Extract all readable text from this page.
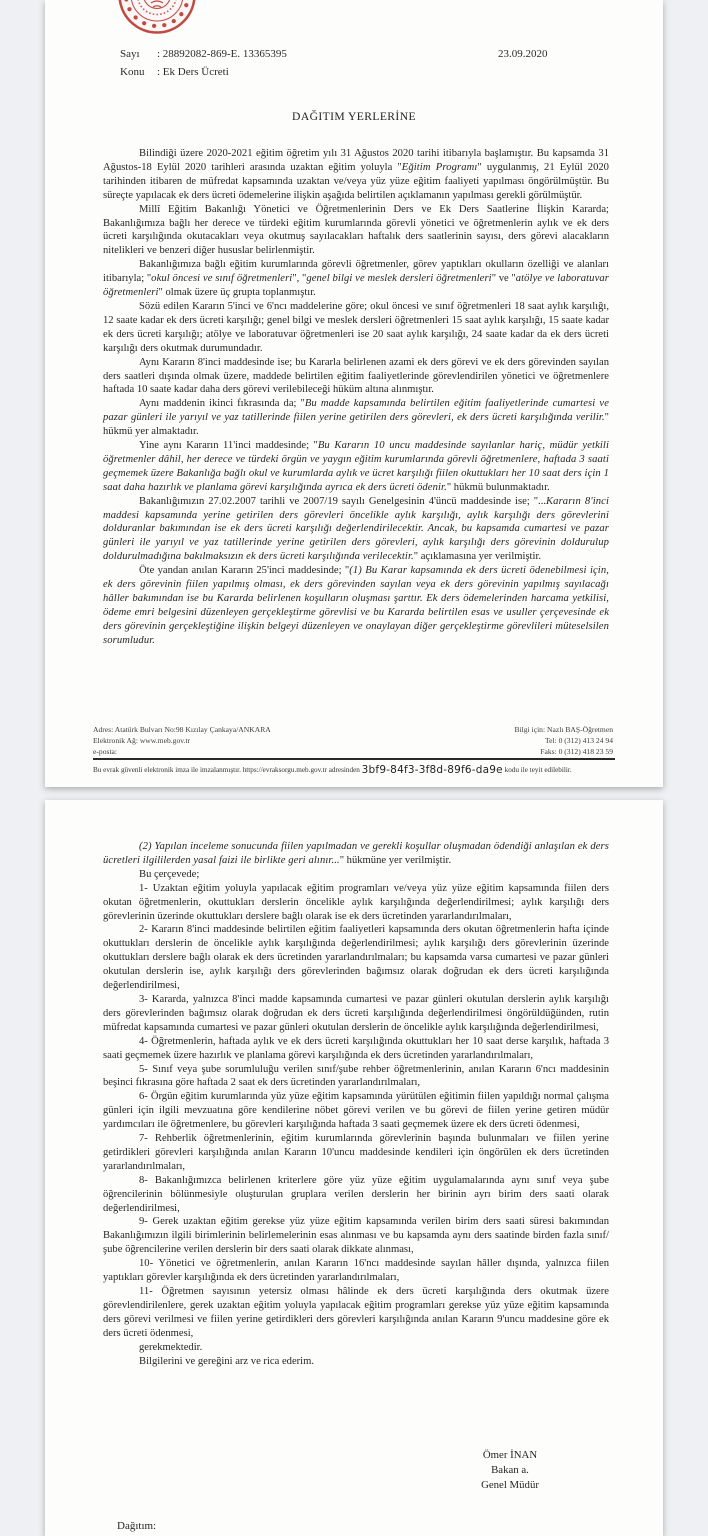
Sayı : 28892082-869-E. 13365395
Konu : Ek Ders Ücreti
23.09.2020
DAĞITIM YERLERİNE

Bilindiği üzere 2020-2021 eğitim öğretim yılı 31 Ağustos 2020 tarihi itibarıyla başlamıştır. Bu kapsamda 31 Ağustos-18 Eylül 2020 tarihleri arasında uzaktan eğitim yoluyla "Eğitim Programı" uygulanmış, 21 Eylül 2020 tarihinden itibaren de müfredat kapsamında uzaktan ve/veya yüz yüze eğitim faaliyeti yapılması öngörülmüştür. Bu süreçte yapılacak ek ders ücreti ödemelerine ilişkin aşağıda belirtilen açıklamanın yapılması gerekli görülmüştür.

Millî Eğitim Bakanlığı Yönetici ve Öğretmenlerinin Ders ve Ek Ders Saatlerine İlişkin Kararda; Bakanlığımıza bağlı her derece ve türdeki eğitim kurumlarında görevli yönetici ve öğretmenlerin aylık ve ek ders ücreti karşılığında okutacakları veya okutmuş sayılacakları haftalık ders saatlerinin sayısı, ders görevi alacakların nitelikleri ve benzeri diğer hususlar belirlenmiştir.

Bakanlığımıza bağlı eğitim kurumlarında görevli öğretmenler, görev yaptıkları okulların özelliği ve alanları itibarıyla; "okul öncesi ve sınıf öğretmenleri", "genel bilgi ve meslek dersleri öğretmenleri" ve "atölye ve laboratuvar öğretmenleri" olmak üzere üç grupta toplanmıştır.

Sözü edilen Kararın 5'inci ve 6'ncı maddelerine göre; okul öncesi ve sınıf öğretmenleri 18 saat aylık karşılığı, 12 saate kadar ek ders ücreti karşılığı; genel bilgi ve meslek dersleri öğretmenleri 15 saat aylık karşılığı, 15 saate kadar ek ders ücreti karşılığı; atölye ve laboratuvar öğretmenleri ise 20 saat aylık karşılığı, 24 saate kadar da ek ders ücreti karşılığı ders okutmak durumundadır.

Aynı Kararın 8'inci maddesinde ise; bu Kararla belirlenen azami ek ders görevi ve ek ders görevinden sayılan ders saatleri dışında olmak üzere, maddede belirtilen eğitim faaliyetlerinde görevlendirilen yönetici ve öğretmenlere haftada 10 saate kadar daha ders görevi verilebileceği hüküm altına alınmıştır.

Aynı maddenin ikinci fıkrasında da; "Bu madde kapsamında belirtilen eğitim faaliyetlerinde cumartesi ve pazar günleri ile yarıyıl ve yaz tatillerinde fiilen yerine getirilen ders görevleri, ek ders ücreti karşılığında verilir." hükmü yer almaktadır.

Yine aynı Kararın 11'inci maddesinde; "Bu Kararın 10 uncu maddesinde sayılanlar hariç, müdür yetkili öğretmenler dâhil, her derece ve türdeki örgün ve yaygın eğitim kurumlarında görevli öğretmenlere, haftada 3 saati geçmemek üzere Bakanlığa bağlı okul ve kurumlarda aylık ve ücret karşılığı fiilen okuttukları her 10 saat ders için 1 saat daha hazırlık ve planlama görevi karşılığında ayrıca ek ders ücreti ödenir." hükmü bulunmaktadır.

Bakanlığımızın 27.02.2007 tarihli ve 2007/19 sayılı Genelgesinin 4'üncü maddesinde ise; "...Kararın 8'inci maddesi kapsamında yerine getirilen ders görevleri öncelikle aylık karşılığı, aylık karşılığı ders görevlerini dolduranlar bakımından ise ek ders ücreti karşılığı değerlendirilecektir. Ancak, bu kapsamda cumartesi ve pazar günleri ile yarıyıl ve yaz tatillerinde yerine getirilen ders görevleri, aylık karşılığı ders görevinin doldurulup doldurulmadığına bakılmaksızın ek ders ücreti karşılığında verilecektir." açıklamasına yer verilmiştir.

Öte yandan anılan Kararın 25'inci maddesinde; "(1) Bu Karar kapsamında ek ders ücreti ödenebilmesi için, ek ders görevinin fiilen yapılmış olması, ek ders görevinden sayılan veya ek ders görevinin yapılmış sayılacağı hâller bakımından ise bu Kararda belirlenen koşulların oluşması şarttır. Ek ders ödemelerinden harcama yetkilisi, ödeme emri belgesini düzenleyen gerçekleştirme görevlisi ve bu Kararda belirtilen esas ve usuller çerçevesinde ek ders görevinin gerçekleştiğine ilişkin belgeyi düzenleyen ve onaylayan diğer gerçekleştirme görevlileri müteselsilen sorumludur.

Adres: Atatürk Bulvarı No:98 Kızılay Çankaya/ANKARA
Elektronik Ağ: www.meb.gov.tr
e-posta:
Bilgi için: Nazlı BAŞ-Öğretmen
Tel: 0 (312) 413 24 94
Faks: 0 (312) 418 23 59
Bu evrak güvenli elektronik imza ile imzalanmıştır. https://evraksorgu.meb.gov.tr adresinden 3bf9-84f3-3f8d-89f6-da9e kodu ile teyit edilebilir.

(2) Yapılan inceleme sonucunda fiilen yapılmadan ve gerekli koşullar oluşmadan ödendiği anlaşılan ek ders ücretleri ilgililerden yasal faizi ile birlikte geri alınır..." hükmüne yer verilmiştir.

Bu çerçevede;

1- Uzaktan eğitim yoluyla yapılacak eğitim programları ve/veya yüz yüze eğitim kapsamında fiilen ders okutan öğretmenlerin, okuttukları derslerin öncelikle aylık karşılığında değerlendirilmesi; aylık karşılığı ders görevlerinin üzerinde okuttukları derslere bağlı olarak ise ek ders ücretinden yararlandırılmaları,

2- Kararın 8'inci maddesinde belirtilen eğitim faaliyetleri kapsamında ders okutan öğretmenlerin hafta içinde okuttukları derslerin de öncelikle aylık karşılığında değerlendirilmesi; aylık karşılığı ders görevlerinin üzerinde okuttukları derslere bağlı olarak ek ders ücretinden yararlandırılmaları; bu kapsamda varsa cumartesi ve pazar günleri okutulan derslerin ise, aylık karşılığı ders görevlerinden bağımsız olarak doğrudan ek ders ücreti karşılığında değerlendirilmesi,

3- Kararda, yalnızca 8'inci madde kapsamında cumartesi ve pazar günleri okutulan derslerin aylık karşılığı ders görevlerinden bağımsız olarak doğrudan ek ders ücreti karşılığında değerlendirilmesi öngörüldüğünden, rutin müfredat kapsamında cumartesi ve pazar günleri okutulan derslerin de öncelikle aylık karşılığında değerlendirilmesi,

4- Öğretmenlerin, haftada aylık ve ek ders ücreti karşılığında okuttukları her 10 saat derse karşılık, haftada 3 saati geçmemek üzere hazırlık ve planlama görevi karşılığında ek ders ücretinden yararlandırılmaları,

5- Sınıf veya şube sorumluluğu verilen sınıf/şube rehber öğretmenlerinin, anılan Kararın 6'ncı maddesinin beşinci fıkrasına göre haftada 2 saat ek ders ücretinden yararlandırılmaları,

6- Örgün eğitim kurumlarında yüz yüze eğitim kapsamında yürütülen eğitimin fiilen yapıldığı normal çalışma günleri için ilgili mevzuatına göre kendilerine nöbet görevi verilen ve bu görevi de fiilen yerine getiren müdür yardımcıları ile öğretmenlere, bu görevleri karşılığında haftada 3 saati geçmemek üzere ek ders ücreti ödenmesi,

7- Rehberlik öğretmenlerinin, eğitim kurumlarında görevlerinin başında bulunmaları ve fiilen yerine getirdikleri görevleri karşılığında anılan Kararın 10'uncu maddesinde kendileri için öngörülen ek ders ücretinden yararlandırılmaları,

8- Bakanlığımızca belirlenen kriterlere göre yüz yüze eğitim uygulamalarında aynı sınıf veya şube öğrencilerinin bölünmesiyle oluşturulan gruplara verilen derslerin her birinin ayrı birim ders saati olarak değerlendirilmesi,

9- Gerek uzaktan eğitim gerekse yüz yüze eğitim kapsamında verilen birim ders saati süresi bakımından Bakanlığımızın ilgili birimlerinin belirlemelerinin esas alınması ve bu kapsamda aynı ders saatinde birden fazla sınıf/şube öğrencilerine verilen derslerin bir ders saati olarak dikkate alınması,

10- Yönetici ve öğretmenlerin, anılan Kararın 16'ncı maddesinde sayılan hâller dışında, yalnızca fiilen yaptıkları görevler karşılığında ek ders ücretinden yararlandırılmaları,

11- Öğretmen sayısının yetersiz olması hâlinde ek ders ücreti karşılığında ders okutmak üzere görevlendirilenlere, gerek uzaktan eğitim yoluyla yapılacak eğitim programları gerekse yüz yüze eğitim kapsamında ders görevi verilmesi ve fiilen yerine getirdikleri ders görevleri karşılığında anılan Kararın 9'uncu maddesine göre ek ders ücreti ödenmesi,

gerekmektedir.

Bilgilerini ve gereğini arz ve rica ederim.

Ömer İNAN
Bakan a.
Genel Müdür
Dağıtım:
